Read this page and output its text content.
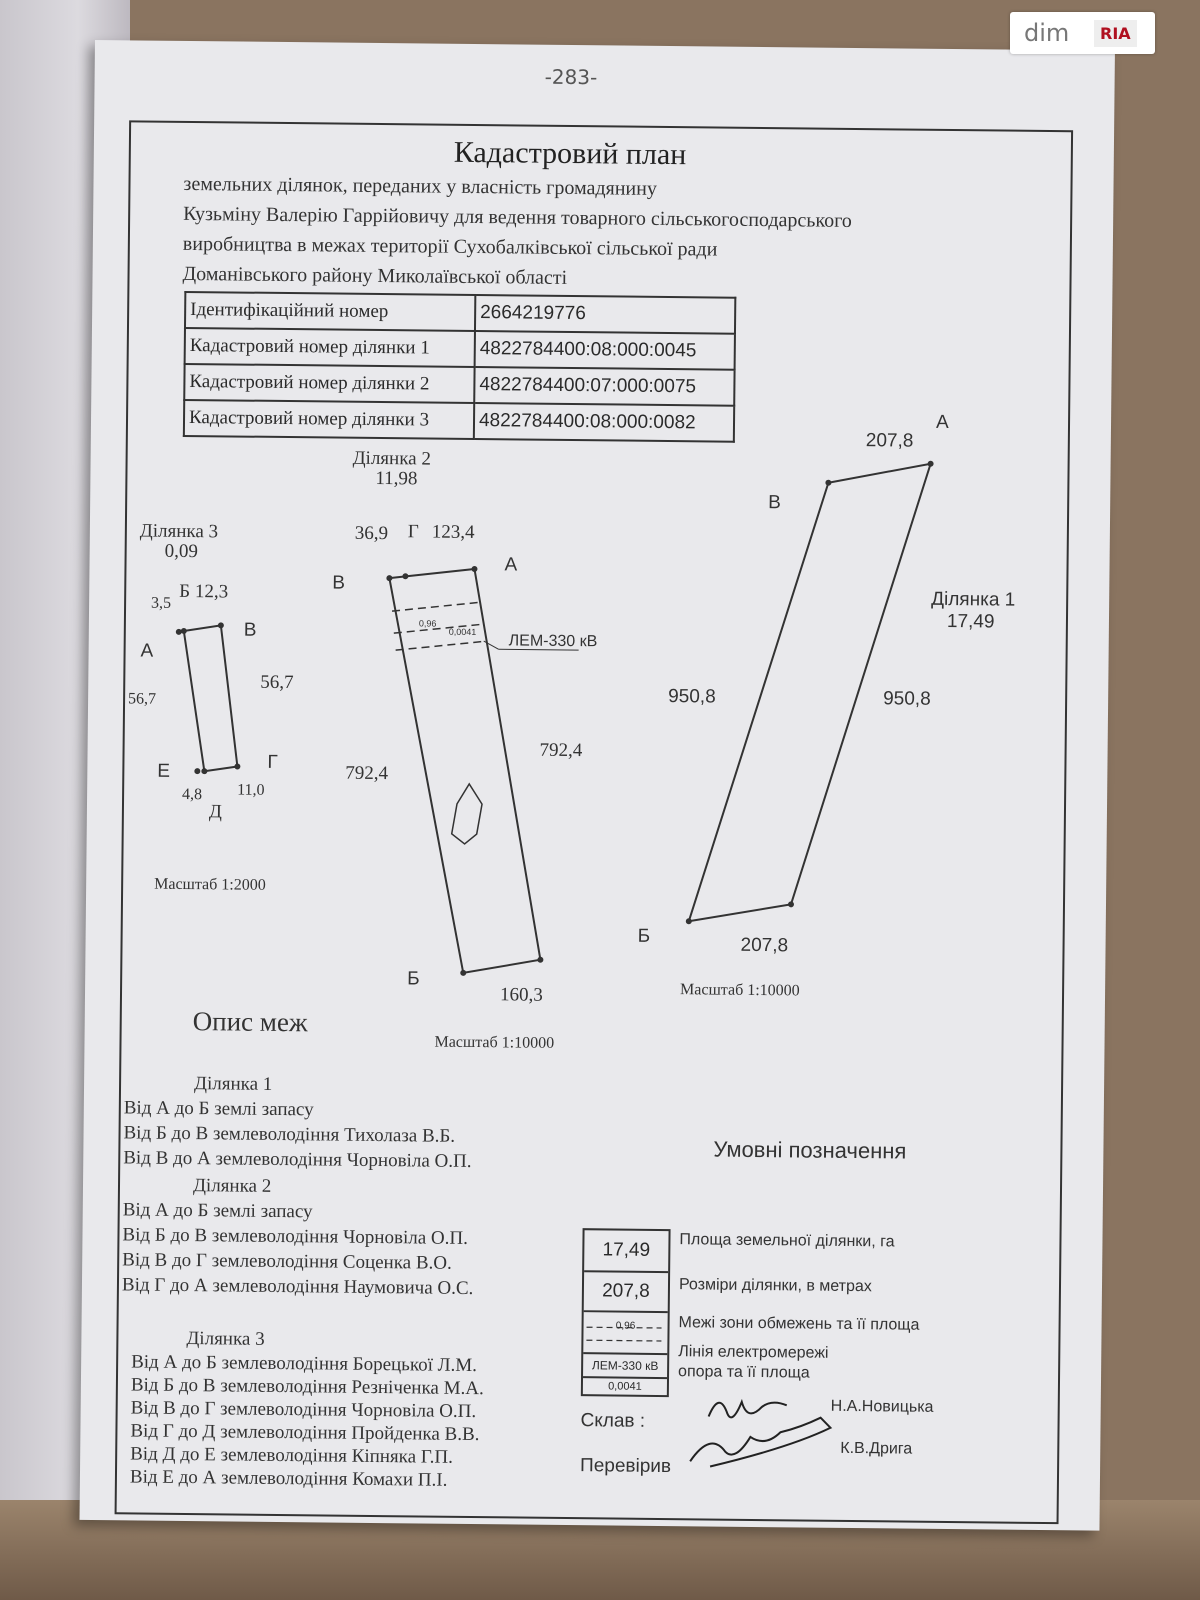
-283-
Кадастровий план
земельних ділянок, переданих у власність громадянину
Кузьміну Валерію Гаррійовичу для ведення товарного сільськогосподарського
виробництва в межах території Сухобалківської сільської ради
Доманівського району Миколаївської області
Ідентифікаційний номер	2664219776
Кадастровий номер ділянки 1	4822784400:08:000:0045
Кадастровий номер ділянки 2	4822784400:07:000:0075
Кадастровий номер ділянки 3	4822784400:08:000:0082
Ділянка 3
0,09
Б 12,3
3,5
В
А
56,7
56,7
Е	Г
4,8 11,0
Д
Масштаб 1:2000
Ділянка 2
11,98
36,9 Г 123,4
А
В
792,4
792,4
Б
160,3
0,96
0,0041
ЛЕМ-330 кВ
Масштаб 1:10000
207,8
А
В
Ділянка 1
17,49
950,8	950,8
Б	207,8
Масштаб 1:10000
Опис меж
Ділянка 1
Від А до Б землі запасу
Від Б до В землеволодіння Тихолаза В.Б.
Від В до А землеволодіння Чорновіла О.П.
Ділянка 2
Від А до Б землі запасу
Від Б до В землеволодіння Чорновіла О.П.
Від В до Г землеволодіння Соценка В.О.
Від Г до А землеволодіння Наумовича О.С.
Ділянка 3
Від А до Б землеволодіння Борецької Л.М.
Від Б до В землеволодіння Резніченка М.А.
Від В до Г землеволодіння Чорновіла О.П.
Від Г до Д землеволодіння Пройденка В.В.
Від Д до Е землеволодіння Кіпняка Г.П.
Від Е до А землеволодіння Комахи П.І.
Умовні позначення
17,49
207,8
0,96
ЛЕМ-330 кВ
0,0041
Площа земельної ділянки, га
Розміри ділянки, в метрах
Межі зони обмежень та її площа
Лінія електромережі
опора та її площа
Склав :
Н.А.Новицька
Перевірив
К.В.Дрига
dim	RIA
